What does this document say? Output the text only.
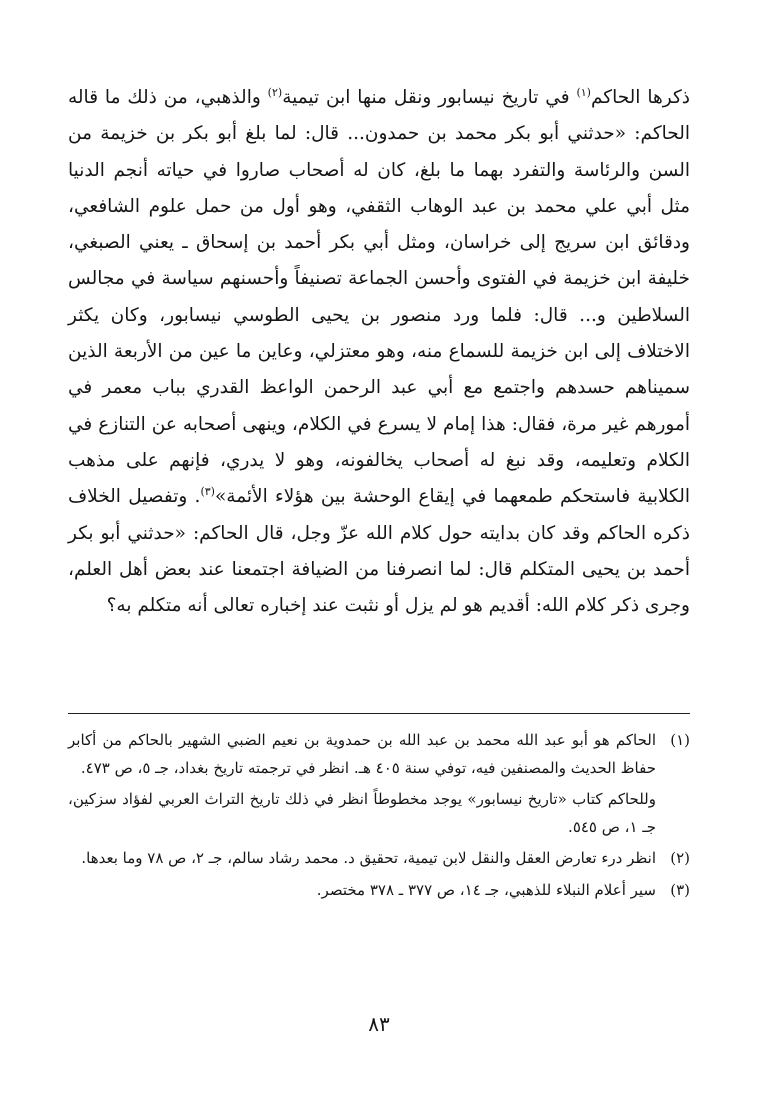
ذكرها الحاكم$^{(١)}$ في تاريخ نيسابور ونقل منها ابن تيمية$^{(٢)}$ والذهبي، من ذلك ما قاله الحاكم: «حدثني أبو بكر محمد بن حمدون... قال: لما بلغ أبو بكر بن خزيمة من السن والرئاسة والتفرد بهما ما بلغ، كان له أصحاب صاروا في حياته أنجم الدنيا مثل أبي علي محمد بن عبد الوهاب الثقفي، وهو أول من حمل علوم الشافعي، ودقائق ابن سريج إلى خراسان، ومثل أبي بكر أحمد بن إسحاق ـ يعني الصبغي، خليفة ابن خزيمة في الفتوى وأحسن الجماعة تصنيفاً وأحسنهم سياسة في مجالس السلاطين و... قال: فلما ورد منصور بن يحيى الطوسي نيسابور، وكان يكثر الاختلاف إلى ابن خزيمة للسماع منه، وهو معتزلي، وعاين ما عين من الأربعة الذين سميناهم حسدهم واجتمع مع أبي عبد الرحمن الواعظ القدري بباب معمر في أمورهم غير مرة، فقال: هذا إمام لا يسرع في الكلام، وينهى أصحابه عن التنازع في الكلام وتعليمه، وقد نبغ له أصحاب يخالفونه، وهو لا يدري، فإنهم على مذهب الكلابية فاستحكم طمعهما في إيقاع الوحشة بين هؤلاء الأئمة»$^{(٣)}$. وتفصيل الخلاف ذكره الحاكم وقد كان بدايته حول كلام الله عزّ وجل، قال الحاكم: «حدثني أبو بكر أحمد بن يحيى المتكلم قال: لما انصرفنا من الضيافة اجتمعنا عند بعض أهل العلم، وجرى ذكر كلام الله: أقديم هو لم يزل أو نثبت عند إخباره تعالى أنه متكلم به؟

(١)الحاكم هو أبو عبد الله محمد بن عبد الله بن حمدوية بن نعيم الضبي الشهير بالحاكم من أكابر حفاظ الحديث والمصنفين فيه، توفي سنة ٤٠٥ هـ. انظر في ترجمته تاريخ بغداد، جـ ٥، ص ٤٧٣.

وللحاكم كتاب «تاريخ نيسابور» يوجد مخطوطاً انظر في ذلك تاريخ التراث العربي لفؤاد سزكين، جـ ١، ص ٥٤٥.

(٢)انظر درء تعارض العقل والنقل لابن تيمية، تحقيق د. محمد رشاد سالم، جـ ٢، ص ٧٨ وما بعدها.

(٣)سير أعلام النبلاء للذهبي، جـ ١٤، ص ٣٧٧ ـ ٣٧٨ مختصر.

٨٣
